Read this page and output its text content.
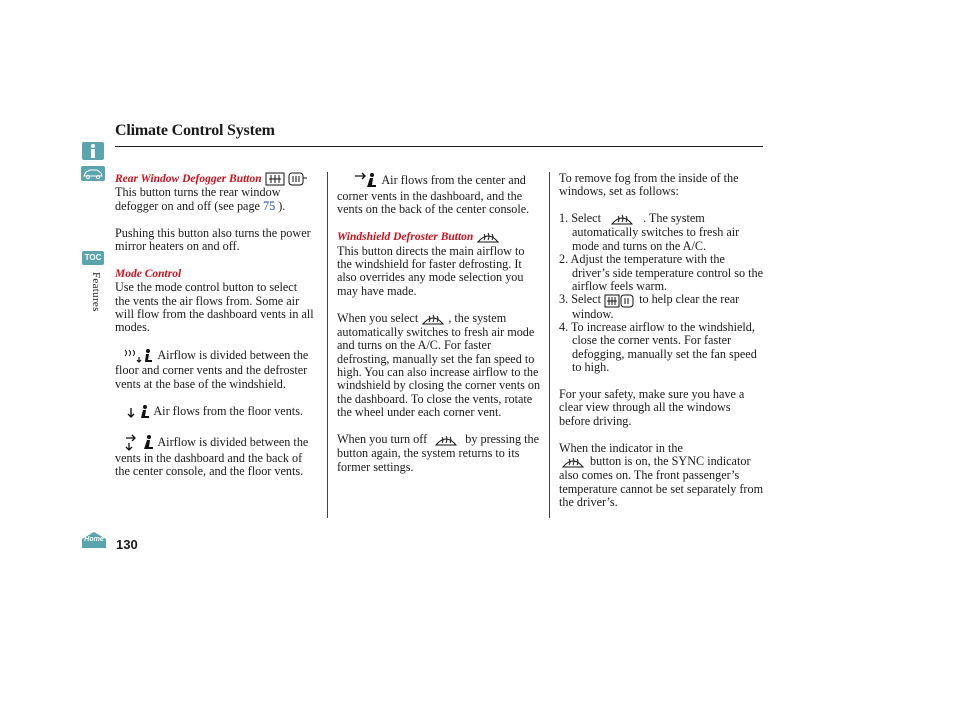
Climate Control System
TOC
Features

Rear Window Defogger Button

This button turns the rear window defogger on and off (see page 75 ).

Pushing this button also turns the power mirror heaters on and off.

Mode Control

Use the mode control button to select the vents the air flows from. Some air will flow from the dashboard vents in all modes.

Airflow is divided between the floor and corner vents and the defroster vents at the base of the windshield.

Air flows from the floor vents.

Airflow is divided between the vents in the dashboard and the back of the center console, and the floor vents.

Air flows from the center and corner vents in the dashboard, and the vents on the back of the center console.

Windshield Defroster Button

This button directs the main airflow to the windshield for faster defrosting. It also overrides any mode selection you may have made.

When you select  , the system automatically switches to fresh air mode and turns on the A/C. For faster defrosting, manually set the fan speed to high. You can also increase airflow to the windshield by closing the corner vents on the dashboard. To close the vents, rotate the wheel under each corner vent.

When you turn off	by pressing the button again, the system returns to its former settings.

To remove fog from the inside of the windows, set as follows:

1. Select	. The system automatically switches to fresh air mode and turns on the A/C.

2. Adjust the temperature with the driver’s side temperature control so the airflow feels warm.

3. Select	to help clear the rear window.

4. To increase airflow to the windshield, close the corner vents. For faster defogging, manually set the fan speed to high.

For your safety, make sure you have a clear view through all the windows before driving.

When the indicator in the

button is on, the SYNC indicator also comes on. The front passenger’s temperature cannot be set separately from the driver’s.

Home 130
